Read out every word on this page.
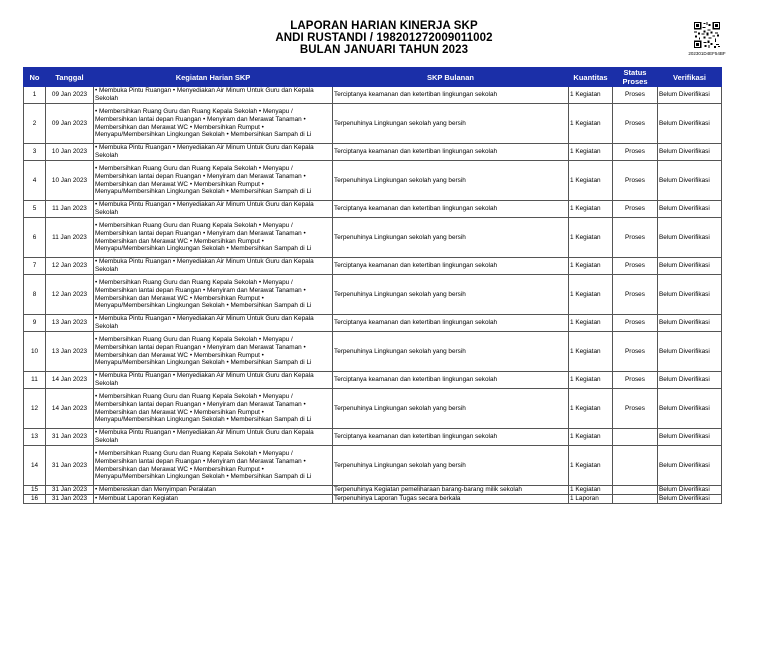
LAPORAN HARIAN KINERJA SKP
ANDI RUSTANDI / 198201272009011002
BULAN JANUARI TAHUN 2023	202301D4EF54BF
No	Tanggal	Kegiatan Harian SKP	SKP Bulanan	Kuantitas	Status Proses	Verifikasi
1	09 Jan 2023	• Membuka Pintu Ruangan • Menyediakan Air Minum Untuk Guru dan Kepala Sekolah	Terciptanya keamanan dan ketertiban lingkungan sekolah	1 Kegiatan	Proses	Belum Diverifikasi
2	09 Jan 2023	• Membersihkan Ruang Guru dan Ruang Kepala Sekolah • Menyapu / Membersihkan lantai depan Ruangan • Menyiram dan Merawat Tanaman • Membersihkan dan Merawat WC • Membersihkan Rumput • Menyapu/Membersihkan Lingkungan Sekolah • Membersihkan Sampah di Li	Terpenuhinya Lingkungan sekolah yang bersih	1 Kegiatan	Proses	Belum Diverifikasi
3	10 Jan 2023	• Membuka Pintu Ruangan • Menyediakan Air Minum Untuk Guru dan Kepala Sekolah	Terciptanya keamanan dan ketertiban lingkungan sekolah	1 Kegiatan	Proses	Belum Diverifikasi
4	10 Jan 2023	• Membersihkan Ruang Guru dan Ruang Kepala Sekolah • Menyapu / Membersihkan lantai depan Ruangan • Menyiram dan Merawat Tanaman • Membersihkan dan Merawat WC • Membersihkan Rumput • Menyapu/Membersihkan Lingkungan Sekolah • Membersihkan Sampah di Li	Terpenuhinya Lingkungan sekolah yang bersih	1 Kegiatan	Proses	Belum Diverifikasi
5	11 Jan 2023	• Membuka Pintu Ruangan • Menyediakan Air Minum Untuk Guru dan Kepala Sekolah	Terciptanya keamanan dan ketertiban lingkungan sekolah	1 Kegiatan	Proses	Belum Diverifikasi
6	11 Jan 2023	• Membersihkan Ruang Guru dan Ruang Kepala Sekolah • Menyapu / Membersihkan lantai depan Ruangan • Menyiram dan Merawat Tanaman • Membersihkan dan Merawat WC • Membersihkan Rumput • Menyapu/Membersihkan Lingkungan Sekolah • Membersihkan Sampah di Li	Terpenuhinya Lingkungan sekolah yang bersih	1 Kegiatan	Proses	Belum Diverifikasi
7	12 Jan 2023	• Membuka Pintu Ruangan • Menyediakan Air Minum Untuk Guru dan Kepala Sekolah	Terciptanya keamanan dan ketertiban lingkungan sekolah	1 Kegiatan	Proses	Belum Diverifikasi
8	12 Jan 2023	• Membersihkan Ruang Guru dan Ruang Kepala Sekolah • Menyapu / Membersihkan lantai depan Ruangan • Menyiram dan Merawat Tanaman • Membersihkan dan Merawat WC • Membersihkan Rumput • Menyapu/Membersihkan Lingkungan Sekolah • Membersihkan Sampah di Li	Terpenuhinya Lingkungan sekolah yang bersih	1 Kegiatan	Proses	Belum Diverifikasi
9	13 Jan 2023	• Membuka Pintu Ruangan • Menyediakan Air Minum Untuk Guru dan Kepala Sekolah	Terciptanya keamanan dan ketertiban lingkungan sekolah	1 Kegiatan	Proses	Belum Diverifikasi
10	13 Jan 2023	• Membersihkan Ruang Guru dan Ruang Kepala Sekolah • Menyapu / Membersihkan lantai depan Ruangan • Menyiram dan Merawat Tanaman • Membersihkan dan Merawat WC • Membersihkan Rumput • Menyapu/Membersihkan Lingkungan Sekolah • Membersihkan Sampah di Li	Terpenuhinya Lingkungan sekolah yang bersih	1 Kegiatan	Proses	Belum Diverifikasi
11	14 Jan 2023	• Membuka Pintu Ruangan • Menyediakan Air Minum Untuk Guru dan Kepala Sekolah	Terciptanya keamanan dan ketertiban lingkungan sekolah	1 Kegiatan	Proses	Belum Diverifikasi
12	14 Jan 2023	• Membersihkan Ruang Guru dan Ruang Kepala Sekolah • Menyapu / Membersihkan lantai depan Ruangan • Menyiram dan Merawat Tanaman • Membersihkan dan Merawat WC • Membersihkan Rumput • Menyapu/Membersihkan Lingkungan Sekolah • Membersihkan Sampah di Li	Terpenuhinya Lingkungan sekolah yang bersih	1 Kegiatan	Proses	Belum Diverifikasi
13	31 Jan 2023	• Membuka Pintu Ruangan • Menyediakan Air Minum Untuk Guru dan Kepala Sekolah	Terciptanya keamanan dan ketertiban lingkungan sekolah	1 Kegiatan		Belum Diverifikasi
14	31 Jan 2023	• Membersihkan Ruang Guru dan Ruang Kepala Sekolah • Menyapu / Membersihkan lantai depan Ruangan • Menyiram dan Merawat Tanaman • Membersihkan dan Merawat WC • Membersihkan Rumput • Menyapu/Membersihkan Lingkungan Sekolah • Membersihkan Sampah di Li	Terpenuhinya Lingkungan sekolah yang bersih	1 Kegiatan		Belum Diverifikasi
15	31 Jan 2023	• Membereskan dan Menyimpan Peralatan	Terpenuhinya Kegiatan pemeliharaan barang-barang milik sekolah	1 Kegiatan		Belum Diverifikasi
16	31 Jan 2023	• Membuat Laporan Kegiatan	Terpenuhinya Laporan Tugas secara berkala	1 Laporan		Belum Diverifikasi
